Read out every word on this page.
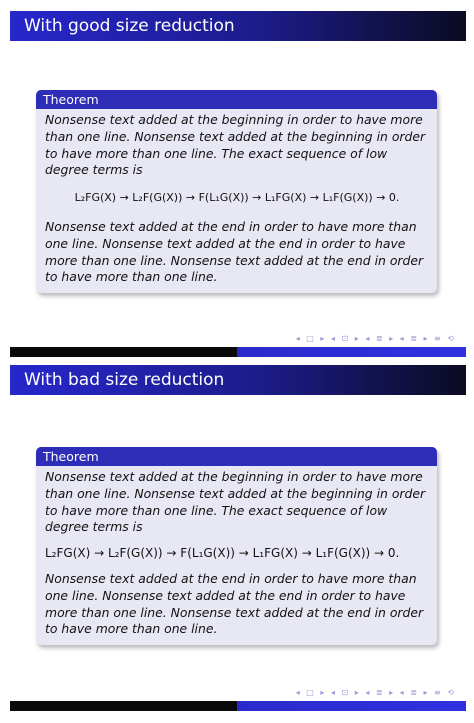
With good size reduction
Theorem

Nonsense text added at the beginning in order to have more than one line. Nonsense text added at the beginning in order to have more than one line. The exact sequence of low degree terms is

L₂FG(X) → L₂F(G(X)) → F(L₁G(X)) → L₁FG(X) → L₁F(G(X)) → 0.

Nonsense text added at the end in order to have more than one line. Nonsense text added at the end in order to have more than one line. Nonsense text added at the end in order to have more than one line.

◂ □ ▸ ◂ ⊡ ▸ ◂ ≣ ▸ ◂ ≣ ▸ ≡ ⟲
With bad size reduction
Theorem

Nonsense text added at the beginning in order to have more than one line. Nonsense text added at the beginning in order to have more than one line. The exact sequence of low degree terms is

L₂FG(X) → L₂F(G(X)) → F(L₁G(X)) → L₁FG(X) → L₁F(G(X)) → 0.

Nonsense text added at the end in order to have more than one line. Nonsense text added at the end in order to have more than one line. Nonsense text added at the end in order to have more than one line.

◂ □ ▸ ◂ ⊡ ▸ ◂ ≣ ▸ ◂ ≣ ▸ ≡ ⟲
